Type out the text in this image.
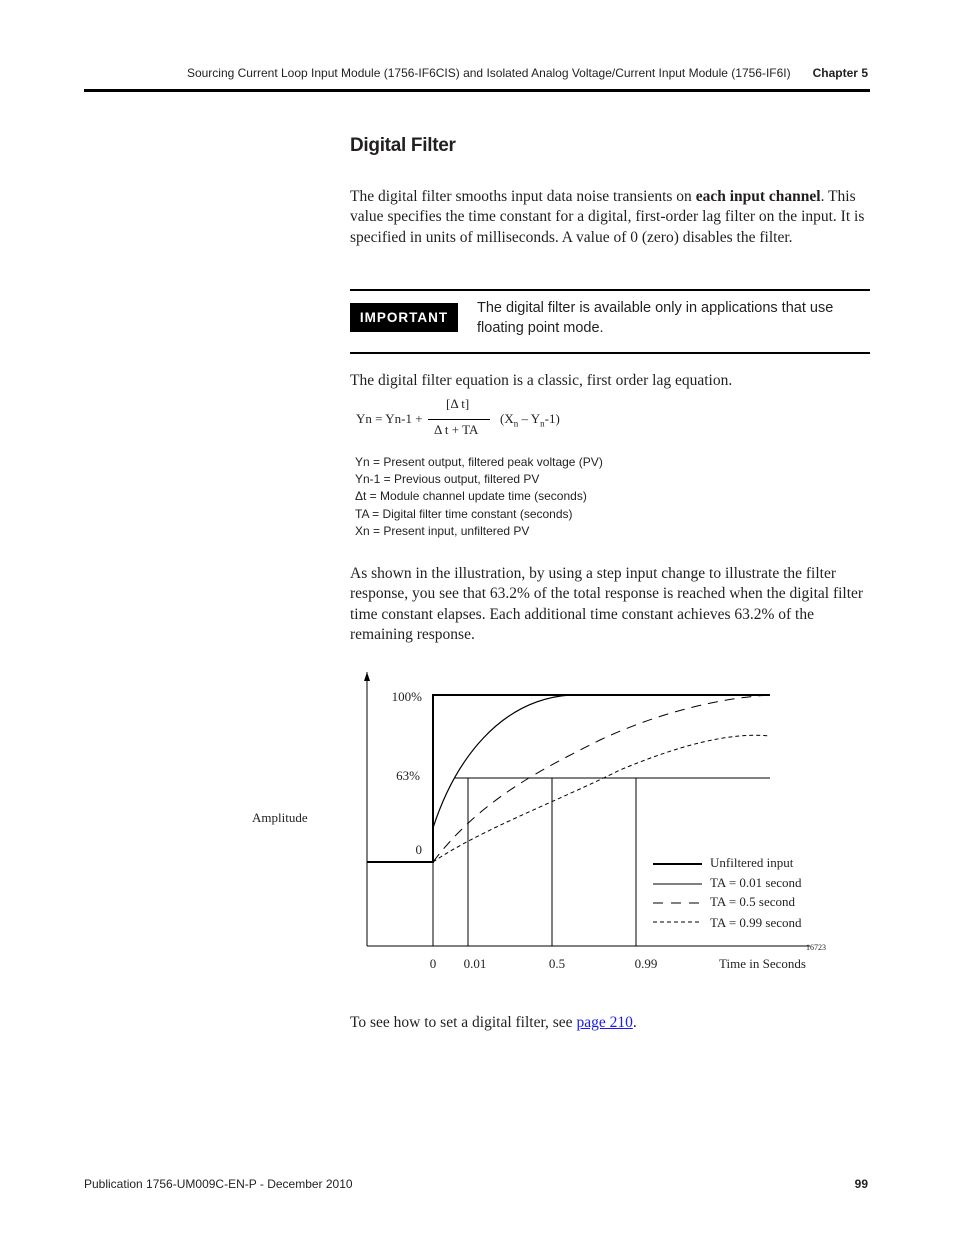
Sourcing Current Loop Input Module (1756-IF6CIS) and Isolated Analog Voltage/Current Input Module (1756-IF6I) Chapter 5
Digital Filter
The digital filter smooths input data noise transients on each input channel. This value specifies the time constant for a digital, first-order lag filter on the input. It is specified in units of milliseconds. A value of 0 (zero) disables the filter.
IMPORTANT
The digital filter is available only in applications that use floating point mode.
The digital filter equation is a classic, first order lag equation.
Yn = Yn-1 +
[Δ t]
Δ t + TA
$(X_n - Y_n-1)$
Yn = Present output, filtered peak voltage (PV)
Yn-1 = Previous output, filtered PV
Δt = Module channel update time (seconds)
TA = Digital filter time constant (seconds)
Xn = Present input, unfiltered PV
As shown in the illustration, by using a step input change to illustrate the filter response, you see that 63.2% of the total response is reached when the digital filter time constant elapses. Each additional time constant achieves 63.2% of the remaining response.
100%
63%
0
Amplitude
0 0.01	0.5	0.99	Time in Seconds
Unfiltered input
TA = 0.01 second
TA = 0.5 second
TA = 0.99 second
16723
To see how to set a digital filter, see page 210.
Publication 1756-UM009C-EN-P - December 2010	99
